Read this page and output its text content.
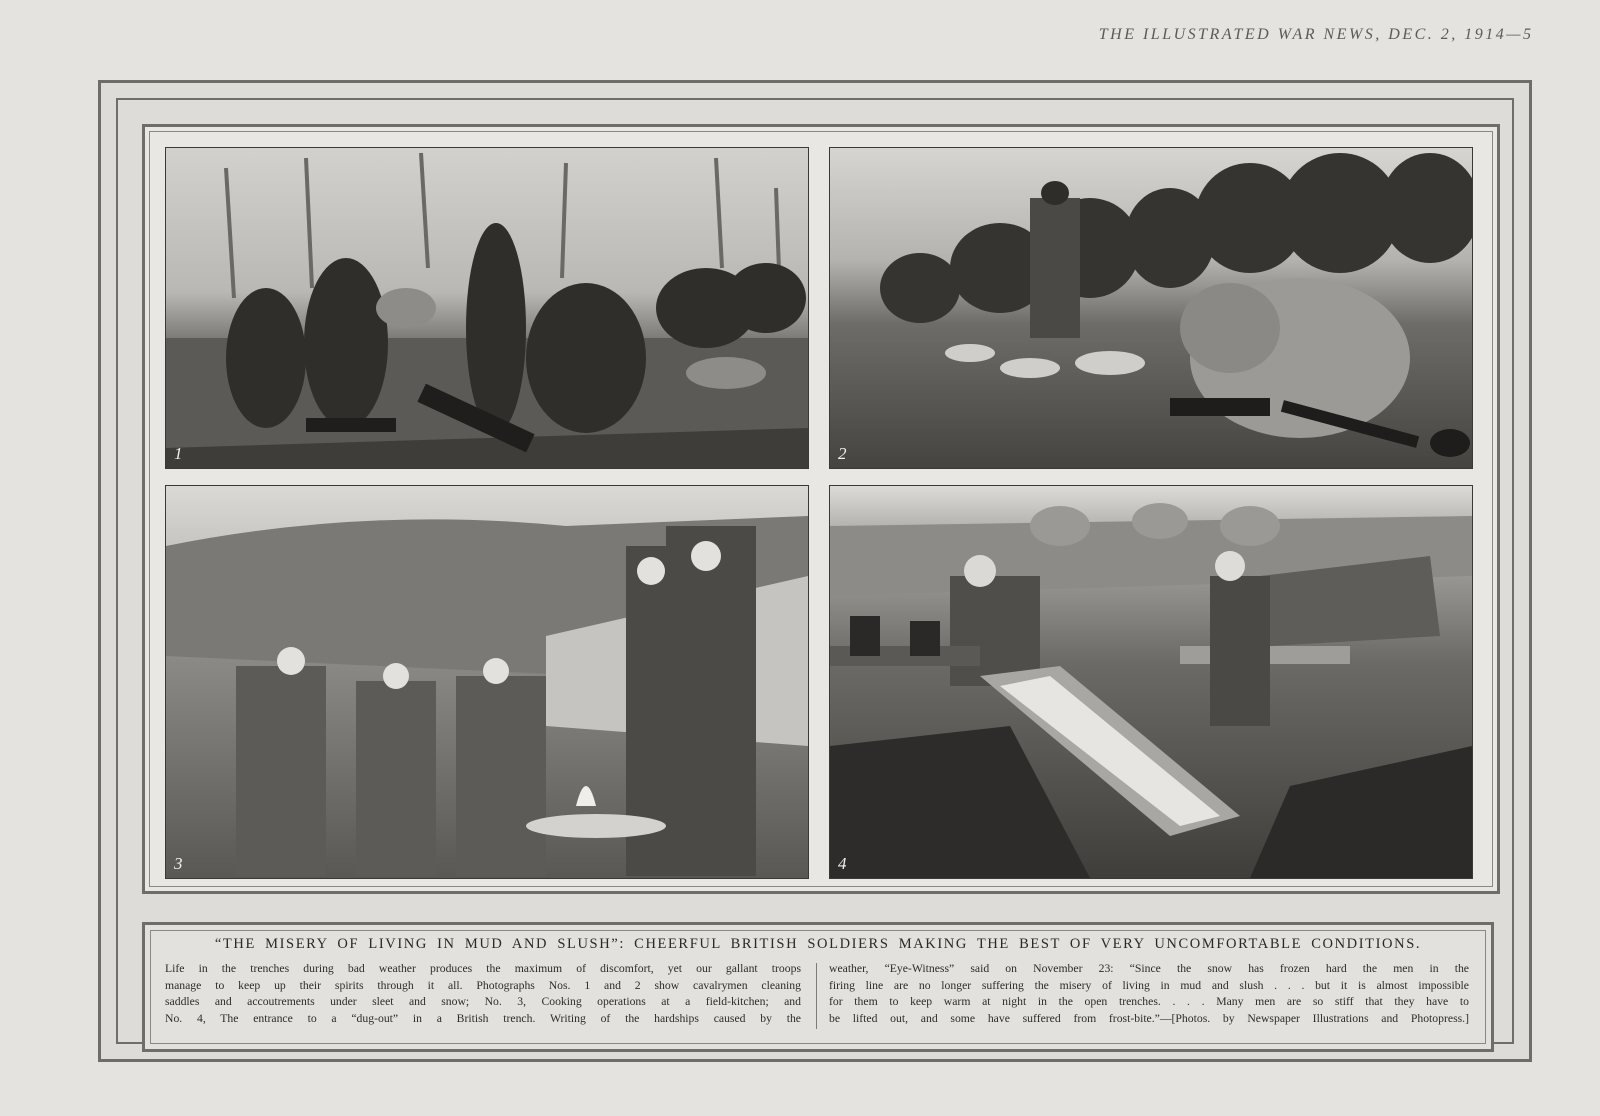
THE ILLUSTRATED WAR NEWS, DEC. 2, 1914—5
1	2
3	4
“THE MISERY OF LIVING IN MUD AND SLUSH”: CHEERFUL BRITISH SOLDIERS MAKING THE BEST OF VERY UNCOMFORTABLE CONDITIONS.
Life in the trenches during bad weather produces the maximum of discomfort, yet our gallant troops
manage to keep up their spirits through it all. Photographs Nos. 1 and 2 show cavalrymen cleaning
saddles and accoutrements under sleet and snow; No. 3, Cooking operations at a field-kitchen; and
No. 4, The entrance to a “dug-out” in a British trench. Writing of the hardships caused by the
weather, “Eye-Witness” said on November 23: “Since the snow has frozen hard the men in the
firing line are no longer suffering the misery of living in mud and slush . . . but it is almost impossible
for them to keep warm at night in the open trenches. . . . Many men are so stiff that they have to
be lifted out, and some have suffered from frost-bite.”—[Photos. by Newspaper Illustrations and Photopress.]
